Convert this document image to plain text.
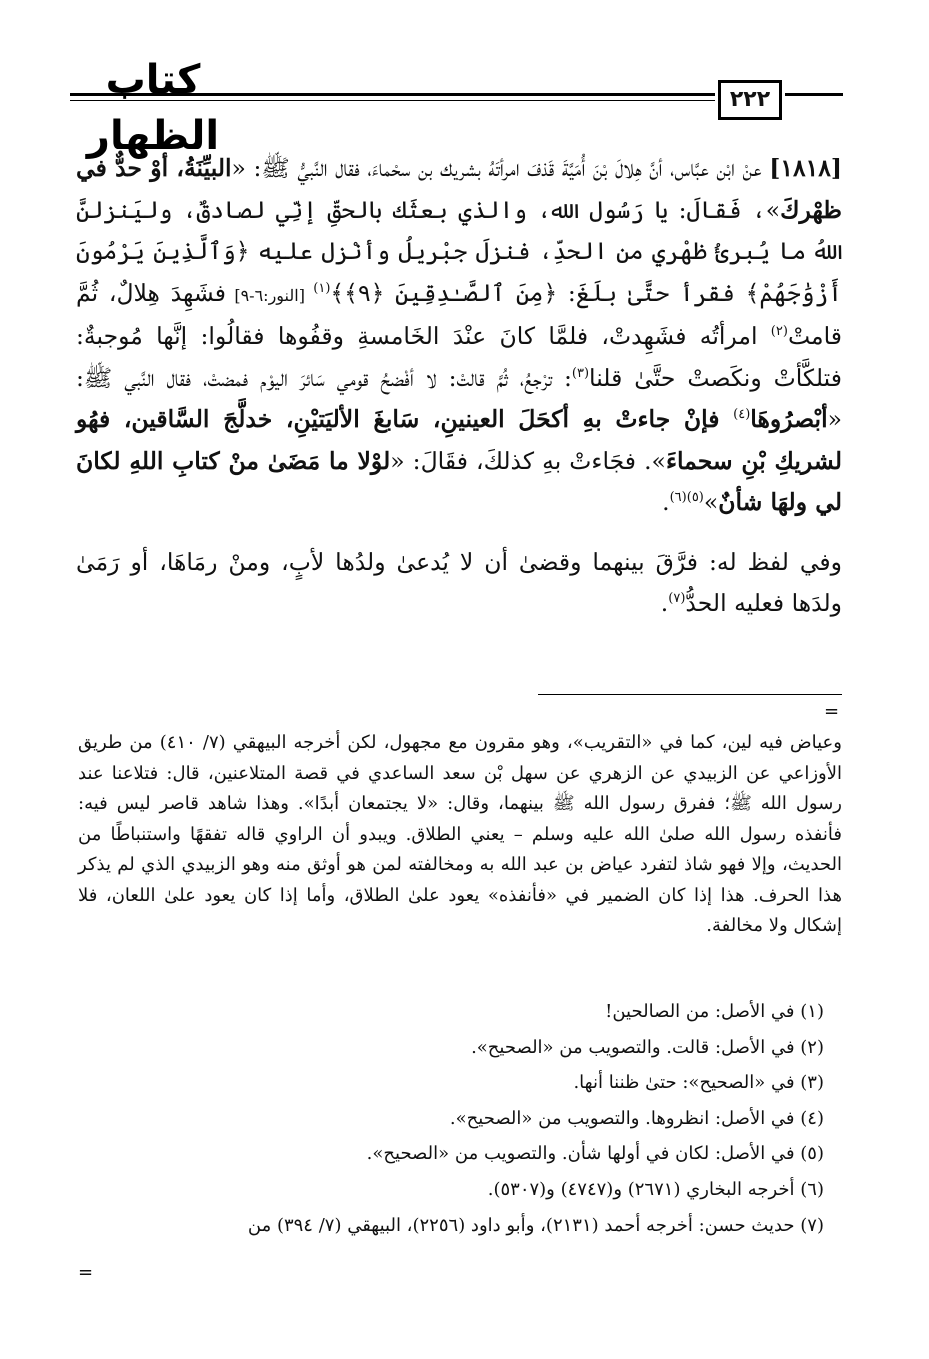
كتاب الظهار
٢٢٢

[١٨١٨] عنْ ابْن عبَّاس، أنَّ هِلالَ بْنَ أُمَيَّةَ قَذفَ امرأتَهُ بشريك بن سحْماءَ، فقال النَّبيُّ ﷺ: «البيِّنَةُ، أوْ حدٌّ في ظهْركَ»، فَقالَ: يا رَسُول الله، والذي بعثَك بالحقِّ إنِّي لصادقٌ، وليَنزلنَّ اللهُ ما يُبرئُ ظهْري من الحدِّ، فنزلَ جبْريلُ وأنْزل عليه ﴿وَٱلَّذِينَ يَرْمُونَ أَزْوَٰجَهُمْ﴾ فقرأ حتَّىٰ بلَغَ: ﴿مِنَ ٱلصَّـٰدِقِينَ ﴿٩﴾﴾$^{(١)}$ [النور:٦-٩] فشَهِدَ هِلالٌ، ثُمَّ قامتْ$^{(٢)}$ امرأتُه فشَهِدتْ، فلمَّا كانَ عنْدَ الخَامسةِ وقفُوها فقالُوا: إنَّها مُوجبةٌ: فتلكَّأتْ ونكَصتْ حتَّىٰ قلنا$^{(٣)}$: ترْجعُ، ثُمَّ قالتْ: لا أفْضحُ قومي سَائرَ اليوْم فمضتْ، فقال النَّبي ﷺ: «أبْصرُوهَا$^{(٤)}$ فإنْ جاءتْ بهِ أكحَلَ العينينِ، سَابغَ الأليَتيْنِ، خدلَّجَ السَّاقين، فهُو لشريكِ بْنِ سحماءَ». فجَاءتْ بهِ كذلكَ، فقَالَ: «لوْلا ما مَضَىٰ منْ كتابِ اللهِ لكانَ لي ولهَا شأنٌ»$^{(٥)(٦)}$.

وفي لفظ له: فرَّقَ بينهما وقضىٰ أن لا يُدعىٰ ولدُها لأبٍ، ومنْ رمَاهَا، أو رَمَىٰ ولدَها فعليه الحدُّ$^{(٧)}$.

=

وعياض فيه لين، كما في «التقريب»، وهو مقرون مع مجهول، لكن أخرجه البيهقي (٧/ ٤١٠) من طريق الأوزاعي عن الزبيدي عن الزهري عن سهل بْن سعد الساعدي في قصة المتلاعنين، قال: فتلاعنا عند رسول الله ﷺ؛ ففرق رسول الله ﷺ بينهما، وقال: «لا يجتمعان أبدًا». وهذا شاهد قاصر ليس فيه: فأنفذه رسول الله صلىٰ الله عليه وسلم – يعني الطلاق. ويبدو أن الراوي قاله تفقهًا واستنباطًا من الحديث، وإلا فهو شاذ لتفرد عياض بن عبد الله به ومخالفته لمن هو أوثق منه وهو الزبيدي الذي لم يذكر هذا الحرف. هذا إذا كان الضمير في «فأنفذه» يعود علىٰ الطلاق، وأما إذا كان يعود علىٰ اللعان، فلا إشكال ولا مخالفة.

(١) في الأصل: من الصالحين!
(٢) في الأصل: قالت. والتصويب من «الصحيح».
(٣) في «الصحيح»: حتىٰ ظننا أنها.
(٤) في الأصل: انظروها. والتصويب من «الصحيح».
(٥) في الأصل: لكان في أولها شأن. والتصويب من «الصحيح».
(٦) أخرجه البخاري (٢٦٧١) و(٤٧٤٧) و(٥٣٠٧).
(٧) حديث حسن: أخرجه أحمد (٢١٣١)، وأبو داود (٢٢٥٦)، البيهقي (٧/ ٣٩٤) من
=
